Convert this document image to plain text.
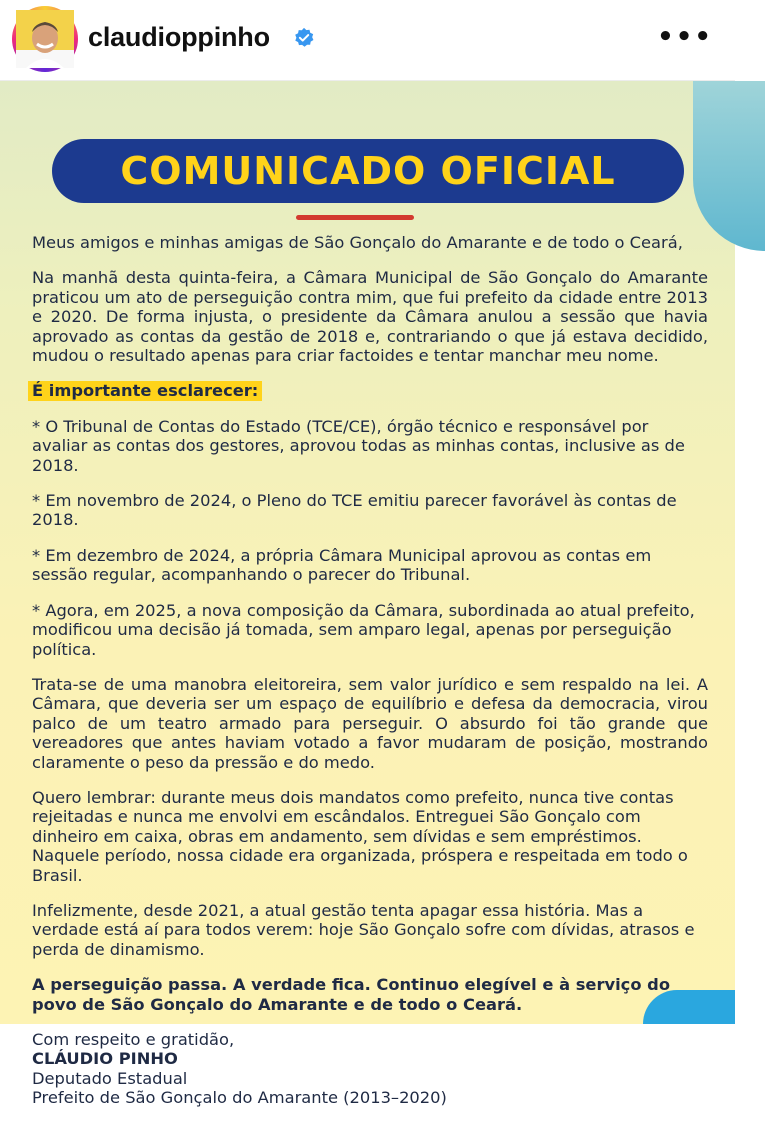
claudioppinho	•••
COMUNICADO OFICIAL

Meus amigos e minhas amigas de São Gonçalo do Amarante e de todo o Ceará,

Na manhã desta quinta-feira, a Câmara Municipal de São Gonçalo do Amarante praticou um ato de perseguição contra mim, que fui prefeito da cidade entre 2013 e 2020. De forma injusta, o presidente da Câmara anulou a sessão que havia aprovado as contas da gestão de 2018 e, contrariando o que já estava decidido, mudou o resultado apenas para criar factoides e tentar manchar meu nome.

É importante esclarecer:

* O Tribunal de Contas do Estado (TCE/CE), órgão técnico e responsável por avaliar as contas dos gestores, aprovou todas as minhas contas, inclusive as de 2018.

* Em novembro de 2024, o Pleno do TCE emitiu parecer favorável às contas de 2018.

* Em dezembro de 2024, a própria Câmara Municipal aprovou as contas em sessão regular, acompanhando o parecer do Tribunal.

* Agora, em 2025, a nova composição da Câmara, subordinada ao atual prefeito, modificou uma decisão já tomada, sem amparo legal, apenas por perseguição política.

Trata-se de uma manobra eleitoreira, sem valor jurídico e sem respaldo na lei. A Câmara, que deveria ser um espaço de equilíbrio e defesa da democracia, virou palco de um teatro armado para perseguir. O absurdo foi tão grande que vereadores que antes haviam votado a favor mudaram de posição, mostrando claramente o peso da pressão e do medo.

Quero lembrar: durante meus dois mandatos como prefeito, nunca tive contas rejeitadas e nunca me envolvi em escândalos. Entreguei São Gonçalo com dinheiro em caixa, obras em andamento, sem dívidas e sem empréstimos. Naquele período, nossa cidade era organizada, próspera e respeitada em todo o Brasil.

Infelizmente, desde 2021, a atual gestão tenta apagar essa história. Mas a verdade está aí para todos verem: hoje São Gonçalo sofre com dívidas, atrasos e perda de dinamismo.

A perseguição passa. A verdade fica. Continuo elegível e à serviço do povo de São Gonçalo do Amarante e de todo o Ceará.

Com respeito e gratidão,
CLÁUDIO PINHO
Deputado Estadual
Prefeito de São Gonçalo do Amarante (2013–2020)
